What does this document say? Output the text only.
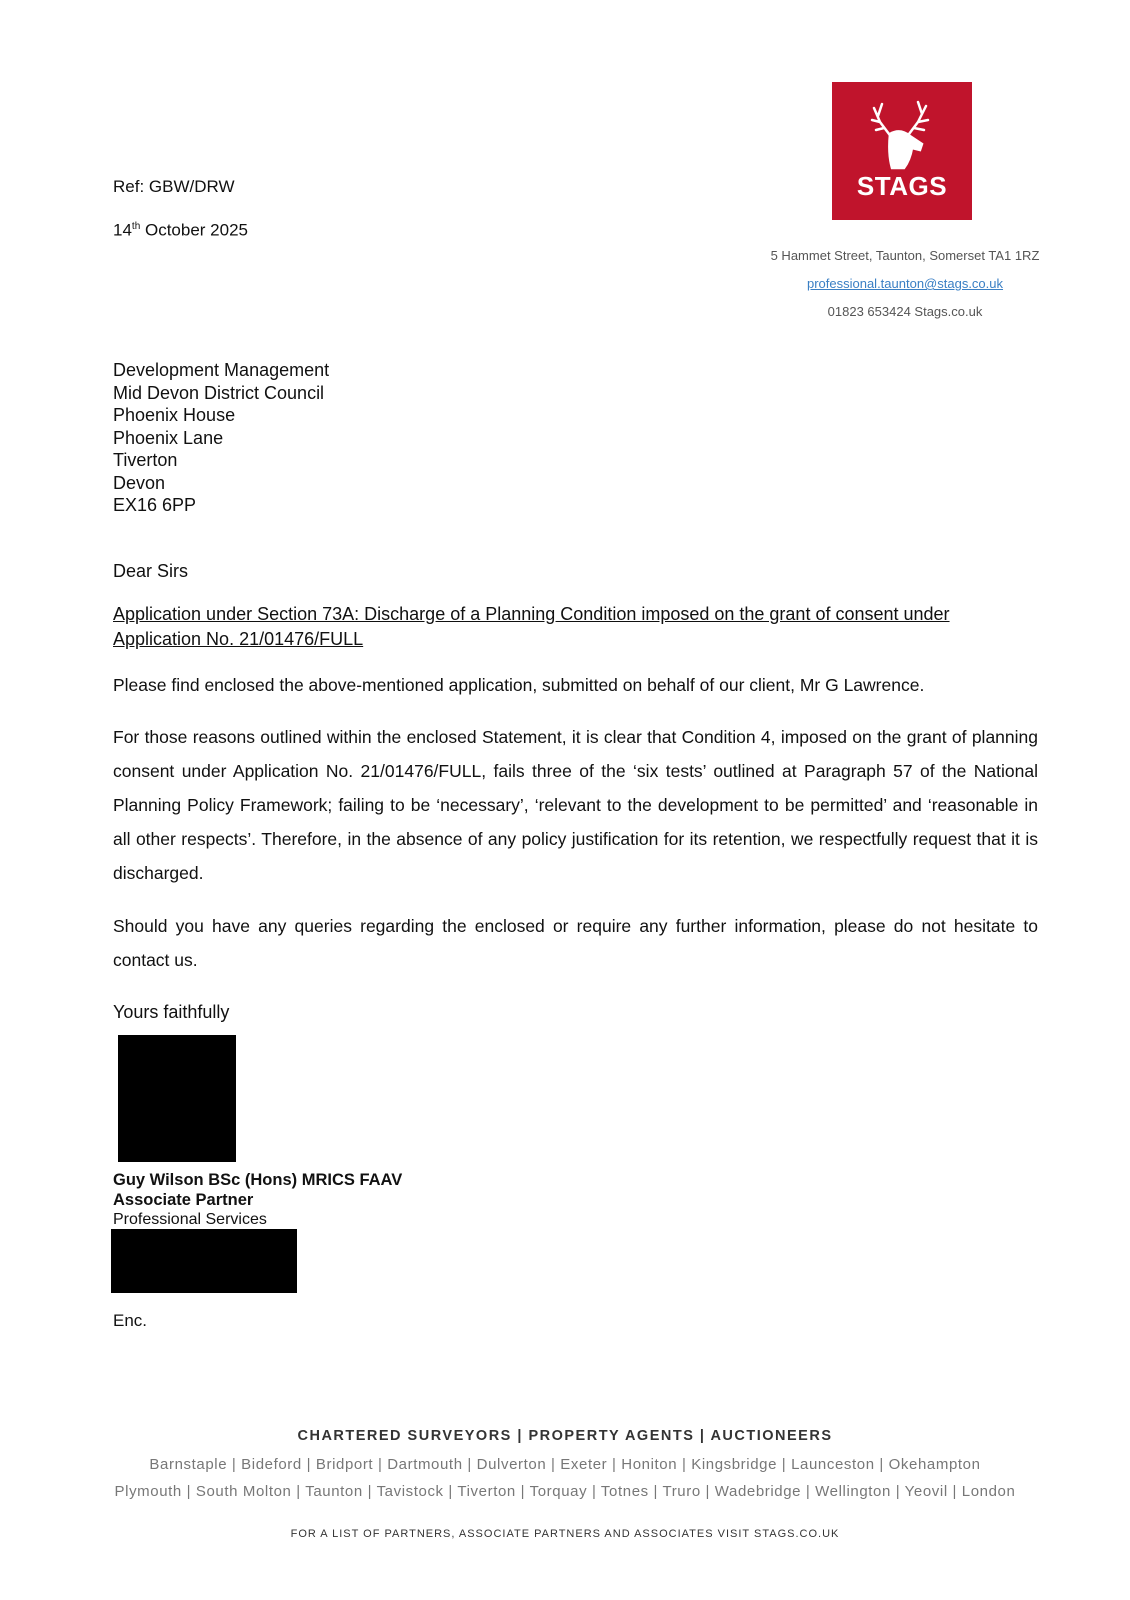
STAGS
5 Hammet Street, Taunton, Somerset TA1 1RZ
professional.taunton@stags.co.uk
01823 653424 Stags.co.uk
Ref: GBW/DRW
14th October 2025
Development Management
Mid Devon District Council
Phoenix House
Phoenix Lane
Tiverton
Devon
EX16 6PP
Dear Sirs
Application under Section 73A: Discharge of a Planning Condition imposed on the grant of consent under Application No. 21/01476/FULL
Please find enclosed the above-mentioned application, submitted on behalf of our client, Mr G Lawrence.
For those reasons outlined within the enclosed Statement, it is clear that Condition 4, imposed on the grant of planning consent under Application No. 21/01476/FULL, fails three of the ‘six tests’ outlined at Paragraph 57 of the National Planning Policy Framework; failing to be ‘necessary’, ‘relevant to the development to be permitted’ and ‘reasonable in all other respects’. Therefore, in the absence of any policy justification for its retention, we respectfully request that it is discharged.
Should you have any queries regarding the enclosed or require any further information, please do not hesitate to contact us.
Yours faithfully
Guy Wilson BSc (Hons) MRICS FAAV
Associate Partner
Professional Services
Enc.
CHARTERED SURVEYORS | PROPERTY AGENTS | AUCTIONEERS
Barnstaple | Bideford | Bridport | Dartmouth | Dulverton | Exeter | Honiton | Kingsbridge | Launceston | Okehampton
Plymouth | South Molton | Taunton | Tavistock | Tiverton | Torquay | Totnes | Truro | Wadebridge | Wellington | Yeovil | London
FOR A LIST OF PARTNERS, ASSOCIATE PARTNERS AND ASSOCIATES VISIT STAGS.CO.UK
